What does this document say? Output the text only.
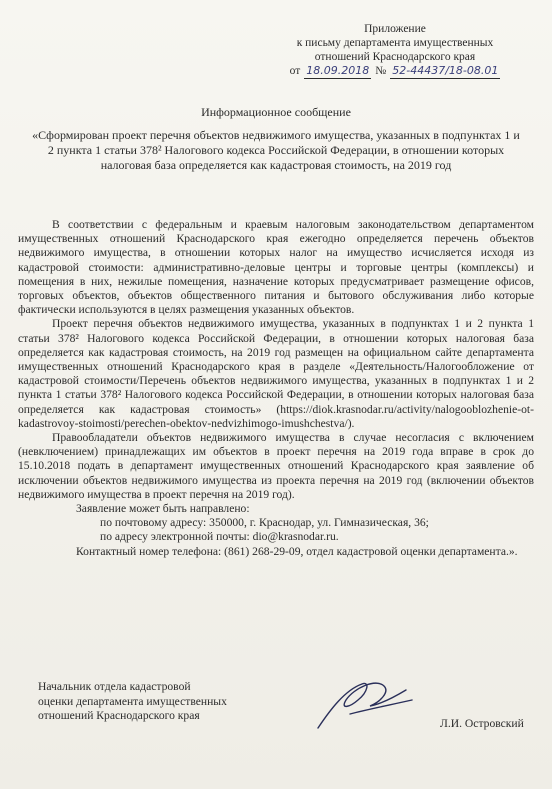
Приложение
к письму департамента имущественных
отношений Краснодарского края
от 18.09.2018 № 52-44437/18-08.01
Информационное сообщение
«Сформирован проект перечня объектов недвижимого имущества, указанных в подпунктах 1 и 2 пункта 1 статьи 378² Налогового кодекса Российской Федерации, в отношении которых налоговая база определяется как кадастровая стоимость, на 2019 год

В соответствии с федеральным и краевым налоговым законодательством департаментом имущественных отношений Краснодарского края ежегодно определяется перечень объектов недвижимого имущества, в отношении которых налог на имущество исчисляется исходя из кадастровой стоимости: административно-деловые центры и торговые центры (комплексы) и помещения в них, нежилые помещения, назначение которых предусматривает размещение офисов, торговых объектов, объектов общественного питания и бытового обслуживания либо которые фактически используются в целях размещения указанных объектов.

Проект перечня объектов недвижимого имущества, указанных в подпунктах 1 и 2 пункта 1 статьи 378² Налогового кодекса Российской Федерации, в отношении которых налоговая база определяется как кадастровая стоимость, на 2019 год размещен на официальном сайте департамента имущественных отношений Краснодарского края в разделе «Деятельность/Налогообложение от кадастровой стоимости/Перечень объектов недвижимого имущества, указанных в подпунктах 1 и 2 пункта 1 статьи 378² Налогового кодекса Российской Федерации, в отношении которых налоговая база определяется как кадастровая стоимость» (https://diok.krasnodar.ru/activity/nalogooblozhenie-ot-kadastrovoy-stoimosti/perechen-obektov-nedvizhimogo-imushchestva/).

Правообладатели объектов недвижимого имущества в случае несогласия с включением (невключением) принадлежащих им объектов в проект перечня на 2019 года вправе в срок до 15.10.2018 подать в департамент имущественных отношений Краснодарского края заявление об исключении объектов недвижимого имущества из проекта перечня на 2019 год (включении объектов недвижимого имущества в проект перечня на 2019 год).

Заявление может быть направлено:

по почтовому адресу: 350000, г. Краснодар, ул. Гимназическая, 36;

по адресу электронной почты: dio@krasnodar.ru.

Контактный номер телефона: (861) 268-29-09, отдел кадастровой оценки департамента.».

Начальник отдела кадастровой
оценки департамента имущественных
отношений Краснодарского края
Л.И. Островский
